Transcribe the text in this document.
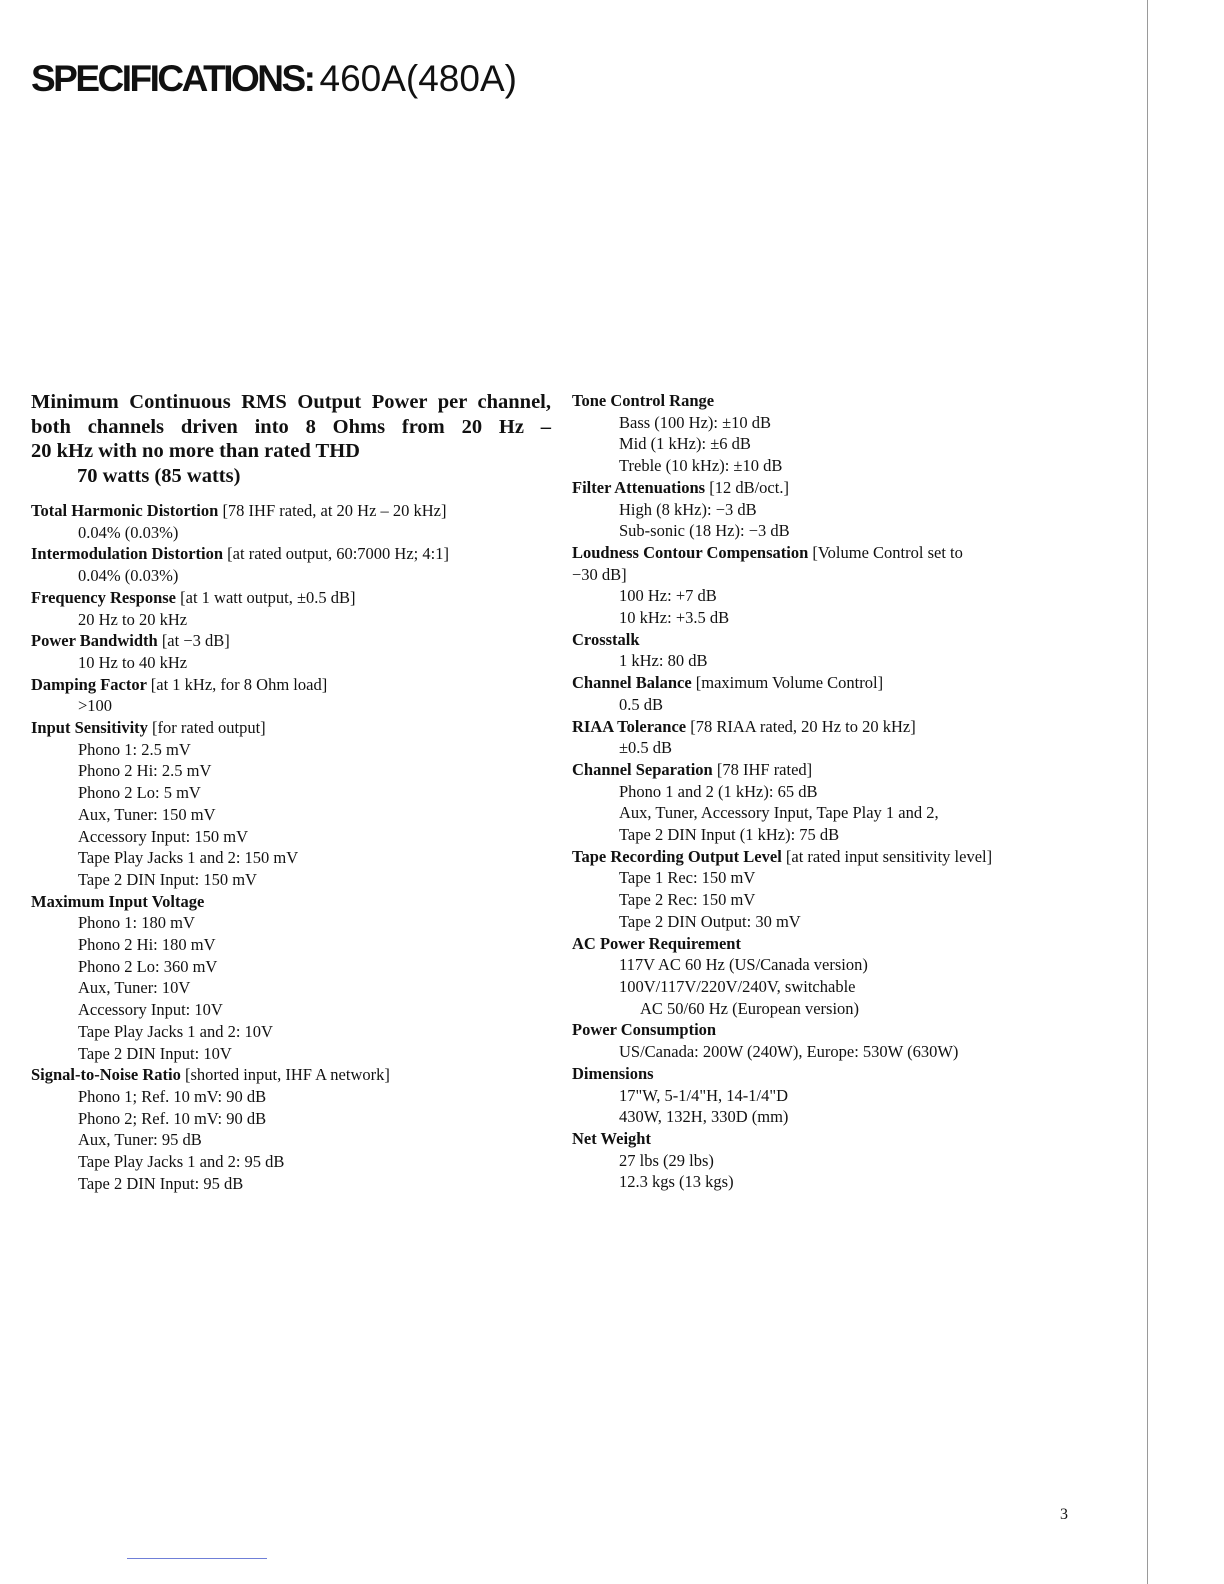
SPECIFICATIONS: 460A(480A)
Minimum Continuous RMS Output Power per channel,
both channels driven into 8 Ohms from 20 Hz –
20 kHz with no more than rated THD
70 watts (85 watts)
Total Harmonic Distortion [78 IHF rated, at 20 Hz – 20 kHz]
0.04% (0.03%)
Intermodulation Distortion [at rated output, 60:7000 Hz; 4:1]
0.04% (0.03%)
Frequency Response [at 1 watt output, ±0.5 dB]
20 Hz to 20 kHz
Power Bandwidth [at −3 dB]
10 Hz to 40 kHz
Damping Factor [at 1 kHz, for 8 Ohm load]
>100
Input Sensitivity [for rated output]
Phono 1: 2.5 mV
Phono 2 Hi: 2.5 mV
Phono 2 Lo: 5 mV
Aux, Tuner: 150 mV
Accessory Input: 150 mV
Tape Play Jacks 1 and 2: 150 mV
Tape 2 DIN Input: 150 mV
Maximum Input Voltage
Phono 1: 180 mV
Phono 2 Hi: 180 mV
Phono 2 Lo: 360 mV
Aux, Tuner: 10V
Accessory Input: 10V
Tape Play Jacks 1 and 2: 10V
Tape 2 DIN Input: 10V
Signal-to-Noise Ratio [shorted input, IHF A network]
Phono 1; Ref. 10 mV: 90 dB
Phono 2; Ref. 10 mV: 90 dB
Aux, Tuner: 95 dB
Tape Play Jacks 1 and 2: 95 dB
Tape 2 DIN Input: 95 dB
Tone Control Range
Bass (100 Hz): ±10 dB
Mid (1 kHz): ±6 dB
Treble (10 kHz): ±10 dB
Filter Attenuations [12 dB/oct.]
High (8 kHz): −3 dB
Sub-sonic (18 Hz): −3 dB
Loudness Contour Compensation [Volume Control set to
−30 dB]
100 Hz: +7 dB
10 kHz: +3.5 dB
Crosstalk
1 kHz: 80 dB
Channel Balance [maximum Volume Control]
0.5 dB
RIAA Tolerance [78 RIAA rated, 20 Hz to 20 kHz]
±0.5 dB
Channel Separation [78 IHF rated]
Phono 1 and 2 (1 kHz): 65 dB
Aux, Tuner, Accessory Input, Tape Play 1 and 2,
Tape 2 DIN Input (1 kHz): 75 dB
Tape Recording Output Level [at rated input sensitivity level]
Tape 1 Rec: 150 mV
Tape 2 Rec: 150 mV
Tape 2 DIN Output: 30 mV
AC Power Requirement
117V AC 60 Hz (US/Canada version)
100V/117V/220V/240V, switchable
AC 50/60 Hz (European version)
Power Consumption
US/Canada: 200W (240W), Europe: 530W (630W)
Dimensions
17"W, 5-1/4"H, 14-1/4"D
430W, 132H, 330D (mm)
Net Weight
27 lbs (29 lbs)
12.3 kgs (13 kgs)
3
